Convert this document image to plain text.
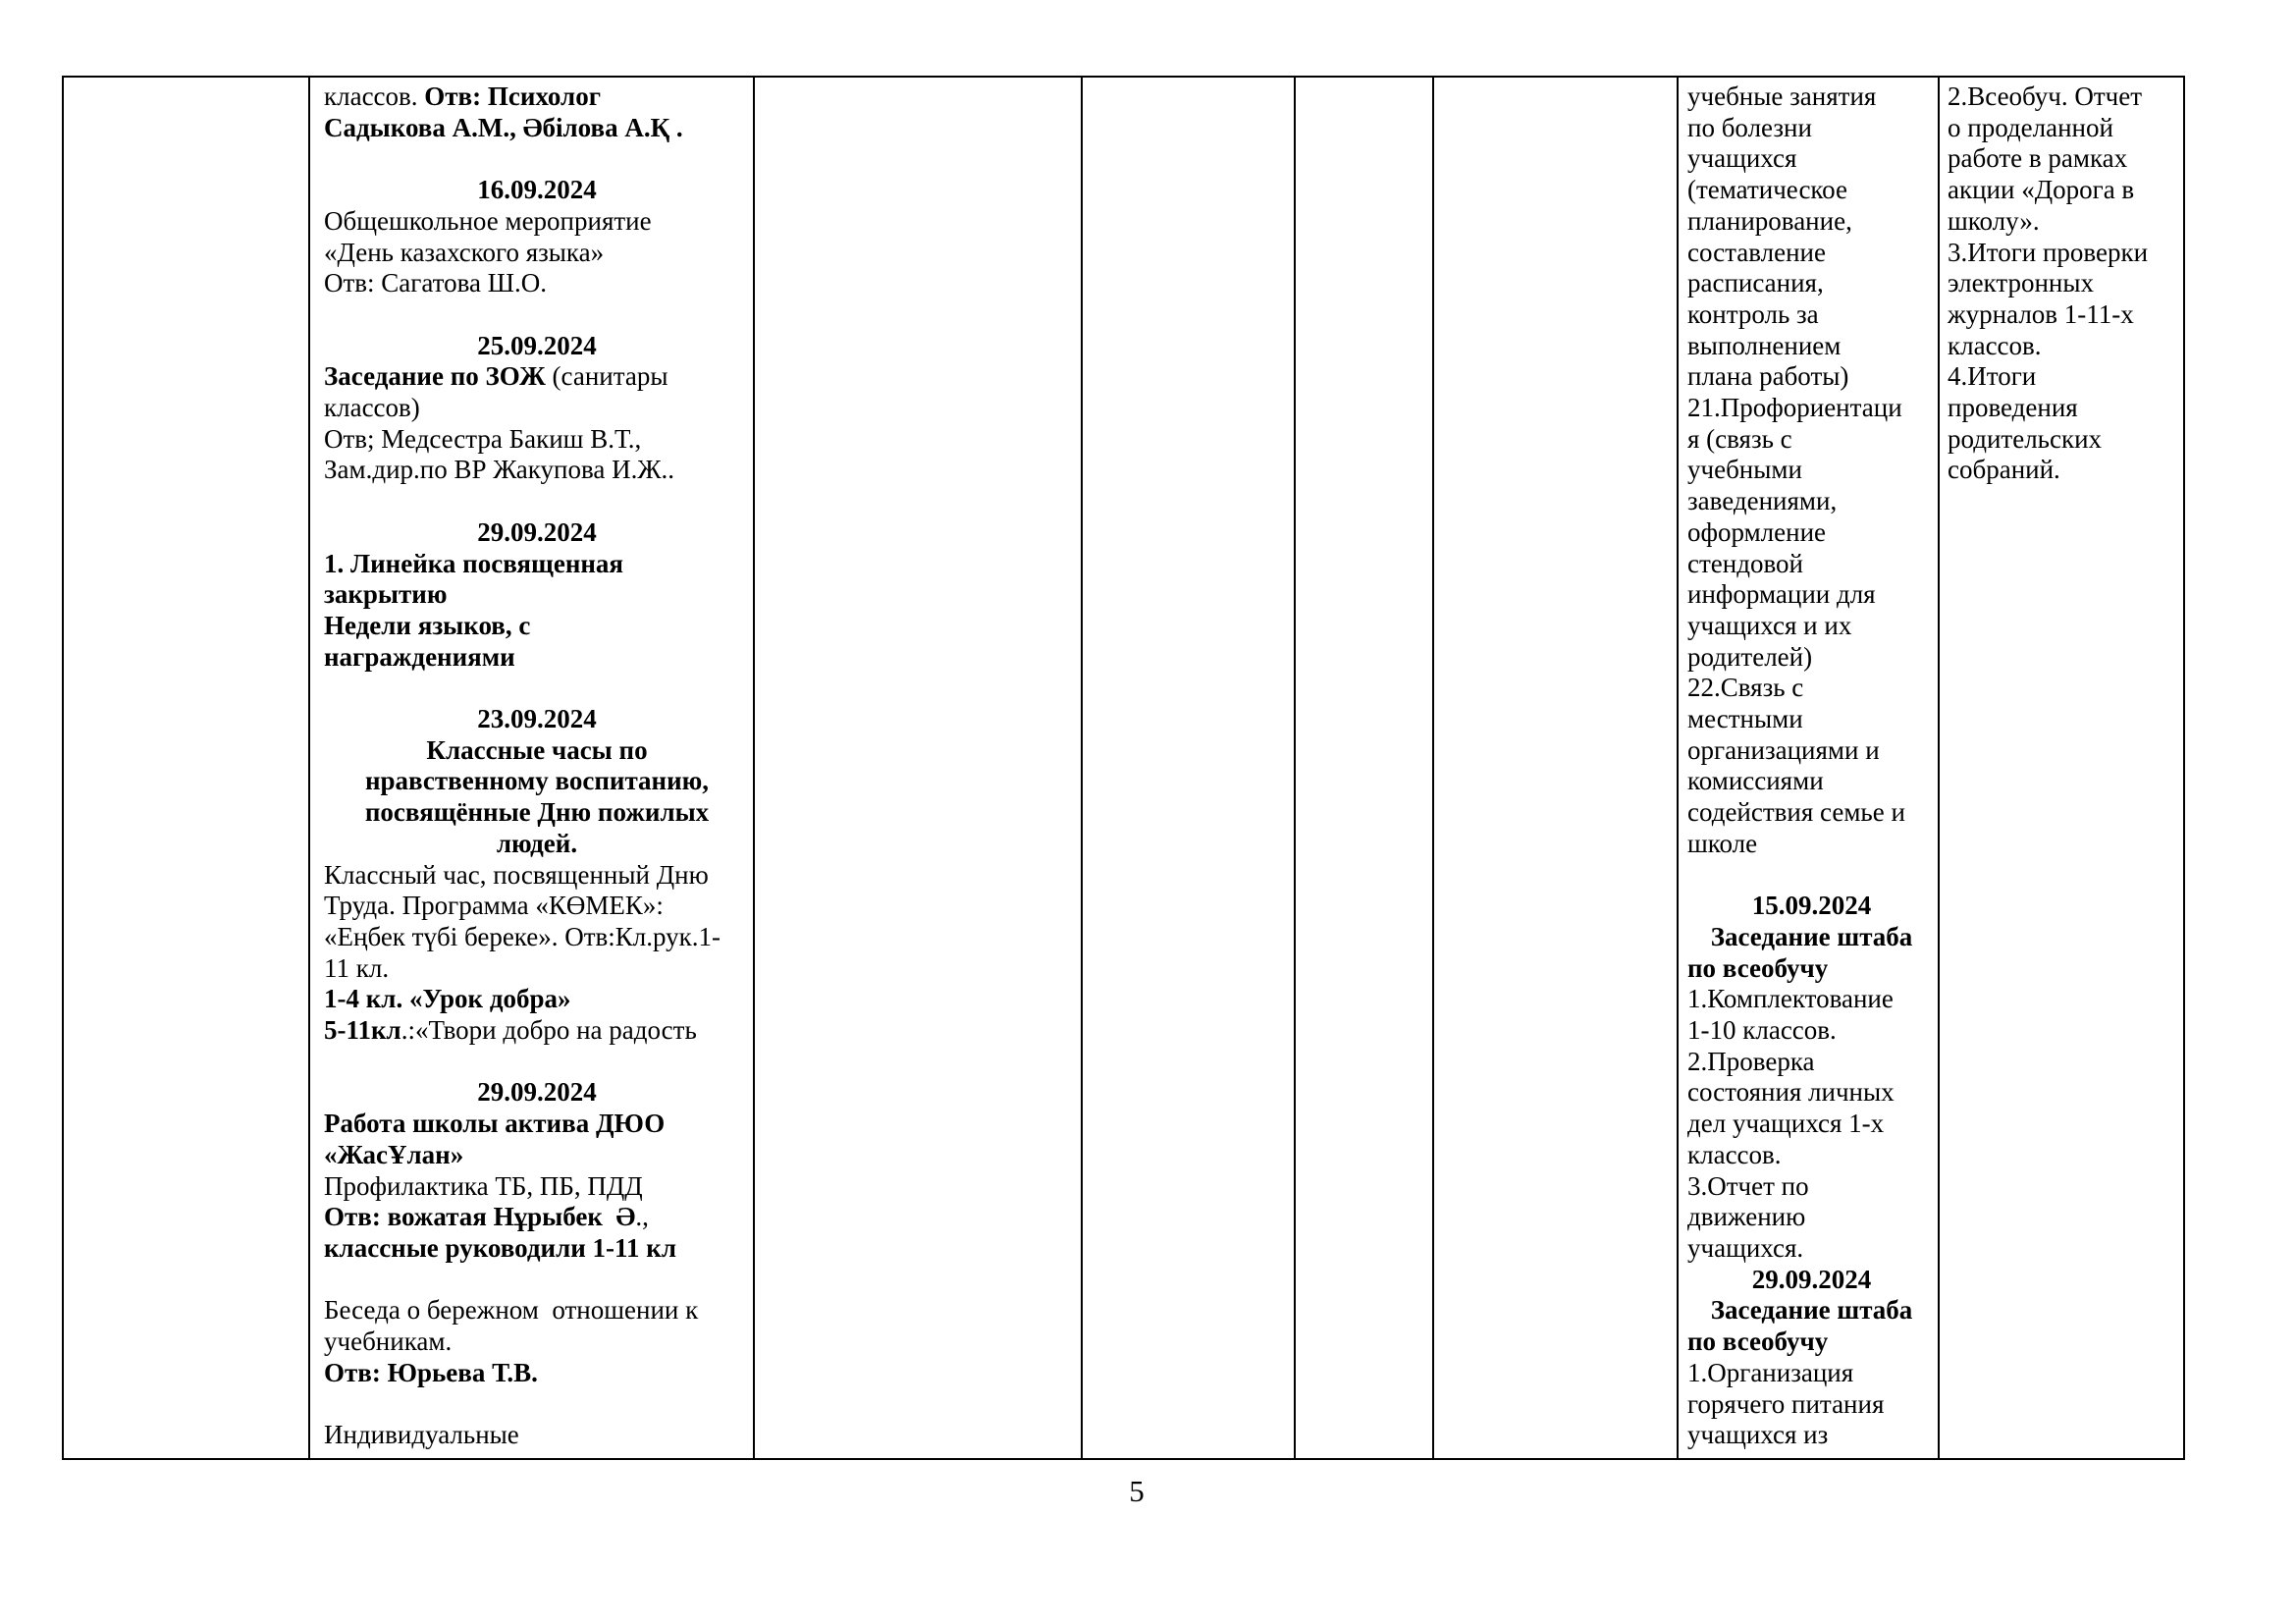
классов. Отв: Психолог
Садыкова А.М., Әбілова А.Қ .
16.09.2024
Общешкольное мероприятие
«День казахского языка»
Отв: Сагатова Ш.О.
25.09.2024
Заседание по ЗОЖ (санитары
классов)
Отв; Медсестра Бакиш В.Т.,
Зам.дир.по ВР Жакупова И.Ж..
29.09.2024
1. Линейка посвященная
закрытию
Недели языков, с
награждениями
23.09.2024
Классные часы по
нравственному воспитанию,
посвящённые Дню пожилых
людей.
Классный час, посвященный Дню
Труда. Программа «КӨМЕК»:
«Еңбек түбі береке». Отв:Кл.рук.1-
11 кл.
1-4 кл. «Урок добра»
5-11кл.:«Твори добро на радость
29.09.2024
Работа школы актива ДЮО
«ЖасҰлан»
Профилактика ТБ, ПБ, ПДД
Отв: вожатая Нұрыбек  Ә.,
классные руководили 1-11 кл
Беседа о бережном  отношении к
учебникам.
Отв: Юрьева Т.В.
Индивидуальные
учебные занятия
по болезни
учащихся
(тематическое
планирование,
составление
расписания,
контроль за
выполнением
плана работы)
21.Профориентаци
я (связь с
учебными
заведениями,
оформление
стендовой
информации для
учащихся и их
родителей)
22.Связь с
местными
организациями и
комиссиями
содействия семье и
школе
15.09.2024
Заседание штаба
по всеобучу
1.Комплектование
1-10 классов.
2.Проверка
состояния личных
дел учащихся 1-х
классов.
3.Отчет по
движению
учащихся.
29.09.2024
Заседание штаба
по всеобучу
1.Организация
горячего питания
учащихся из
2.Всеобуч. Отчет
о проделанной
работе в рамках
акции «Дорога в
школу».
3.Итоги проверки
электронных
журналов 1-11-х
классов.
4.Итоги
проведения
родительских
собраний.
5
